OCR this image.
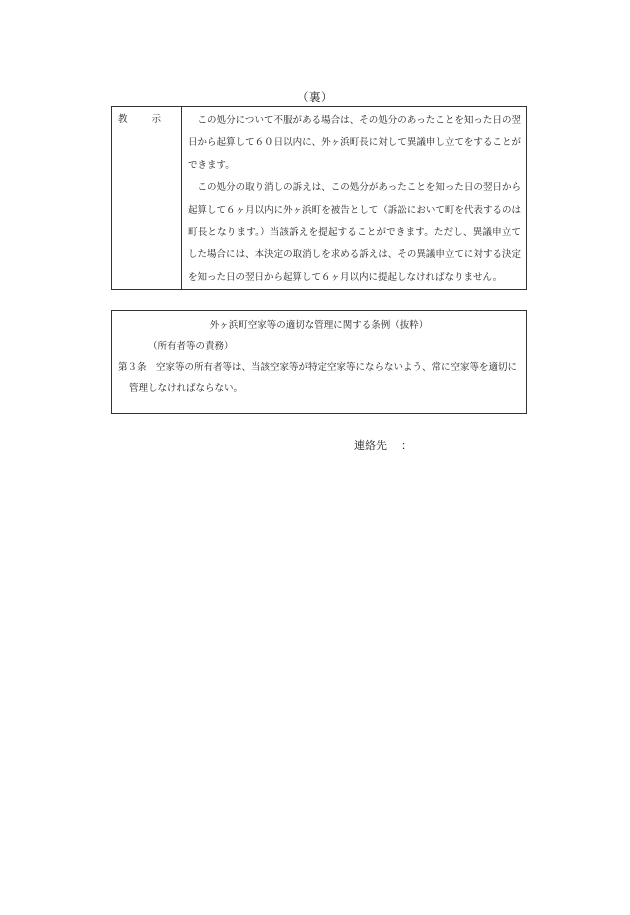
（裏）
教示	この処分について不服がある場合は、その処分のあったことを知った日の翌日から起算して６０日以内に、外ヶ浜町長に対して異議申し立てをすることができます。

この処分の取り消しの訴えは、この処分があったことを知った日の翌日から起算して６ヶ月以内に外ヶ浜町を被告として（訴訟において町を代表するのは町長となります。）当該訴えを提起することができます。ただし、異議申立てした場合には、本決定の取消しを求める訴えは、その異議申立てに対する決定を知った日の翌日から起算して６ヶ月以内に提起しなければなりません。

外ヶ浜町空家等の適切な管理に関する条例（抜粋）
（所有者等の責務）
第３条　空家等の所有者等は、当該空家等が特定空家等にならないよう、常に空家等を適切に管理しなければならない。
連絡先 ：
